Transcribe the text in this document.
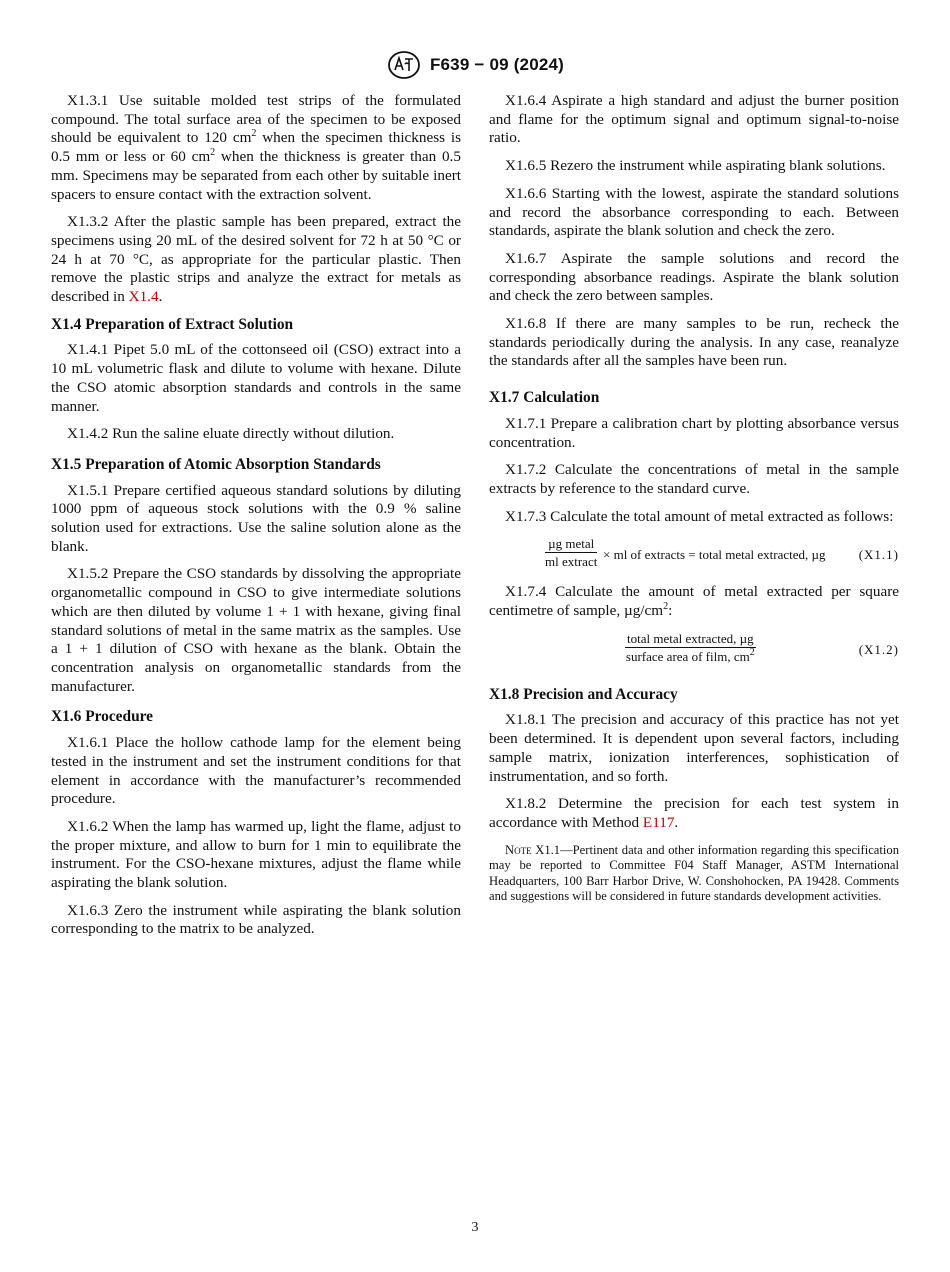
F639 − 09 (2024)

X1.3.1 Use suitable molded test strips of the formulated compound. The total surface area of the specimen to be exposed should be equivalent to 120 $cm^2$ when the specimen thickness is 0.5 mm or less or 60 $cm^2$ when the thickness is greater than 0.5 mm. Specimens may be separated from each other by suitable inert spacers to ensure contact with the extraction solvent.

X1.3.2 After the plastic sample has been prepared, extract the specimens using 20 mL of the desired solvent for 72 h at 50 °C or 24 h at 70 °C, as appropriate for the particular plastic. Then remove the plastic strips and analyze the extract for metals as described in X1.4.

X1.4 Preparation of Extract Solution

X1.4.1 Pipet 5.0 mL of the cottonseed oil (CSO) extract into a 10 mL volumetric flask and dilute to volume with hexane. Dilute the CSO atomic absorption standards and controls in the same manner.

X1.4.2 Run the saline eluate directly without dilution.

X1.5 Preparation of Atomic Absorption Standards

X1.5.1 Prepare certified aqueous standard solutions by diluting 1000 ppm of aqueous stock solutions with the 0.9 % saline solution used for extractions. Use the saline solution alone as the blank.

X1.5.2 Prepare the CSO standards by dissolving the appropriate organometallic compound in CSO to give intermediate solutions which are then diluted by volume 1 + 1 with hexane, giving final standard solutions of metal in the same matrix as the samples. Use a 1 + 1 dilution of CSO with hexane as the blank. Obtain the concentration analysis on organometallic standards from the manufacturer.

X1.6 Procedure

X1.6.1 Place the hollow cathode lamp for the element being tested in the instrument and set the instrument conditions for that element in accordance with the manufacturer’s recommended procedure.

X1.6.2 When the lamp has warmed up, light the flame, adjust to the proper mixture, and allow to burn for 1 min to equilibrate the instrument. For the CSO-hexane mixtures, adjust the flame while aspirating the blank solution.

X1.6.3 Zero the instrument while aspirating the blank solution corresponding to the matrix to be analyzed.

X1.6.4 Aspirate a high standard and adjust the burner position and flame for the optimum signal and optimum signal-to-noise ratio.

X1.6.5 Rezero the instrument while aspirating blank solutions.

X1.6.6 Starting with the lowest, aspirate the standard solutions and record the absorbance corresponding to each. Between standards, aspirate the blank solution and check the zero.

X1.6.7 Aspirate the sample solutions and record the corresponding absorbance readings. Aspirate the blank solution and check the zero between samples.

X1.6.8 If there are many samples to be run, recheck the standards periodically during the analysis. In any case, reanalyze the standards after all the samples have been run.

X1.7 Calculation

X1.7.1 Prepare a calibration chart by plotting absorbance versus concentration.

X1.7.2 Calculate the concentrations of metal in the sample extracts by reference to the standard curve.

X1.7.3 Calculate the total amount of metal extracted as follows:

µg metal
ml extract × ml of extracts = total metal extracted, µg	(X1.1)

X1.7.4 Calculate the amount of metal extracted per square centimetre of sample, $\mu g/cm^2$:

total metal extracted, µg
surface area of film, $cm^2$	(X1.2)
X1.8 Precision and Accuracy

X1.8.1 The precision and accuracy of this practice has not yet been determined. It is dependent upon several factors, including sample matrix, ionization interferences, sophistication of instrumentation, and so forth.

X1.8.2 Determine the precision for each test system in accordance with Method E117.

Note X1.1—Pertinent data and other information regarding this specification may be reported to Committee F04 Staff Manager, ASTM International Headquarters, 100 Barr Harbor Drive, W. Conshohocken, PA 19428. Comments and suggestions will be considered in future standards development activities.
3
